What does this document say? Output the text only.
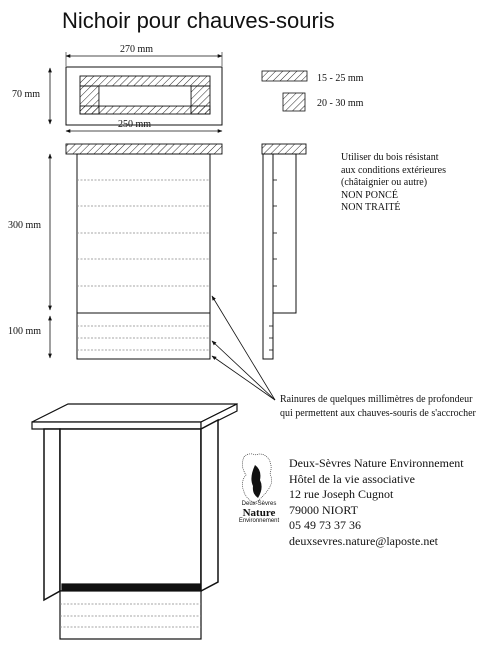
Nichoir pour chauves-souris
270 mm
70 mm
250 mm
300 mm
100 mm
15 - 25 mm
20 - 30 mm
Utiliser du bois résistant
aux conditions extérieures
(châtaignier ou autre)
NON PONCÉ
NON TRAITÉ
Rainures de quelques millimètres de profondeur
qui permettent aux chauves-souris de s'accrocher
Deux-Sèvres
Nature
Environnement
Deux-Sèvres Nature Environnement
Hôtel de la vie associative
12 rue Joseph Cugnot
79000 NIORT
05 49 73 37 36
deuxsevres.nature@laposte.net
